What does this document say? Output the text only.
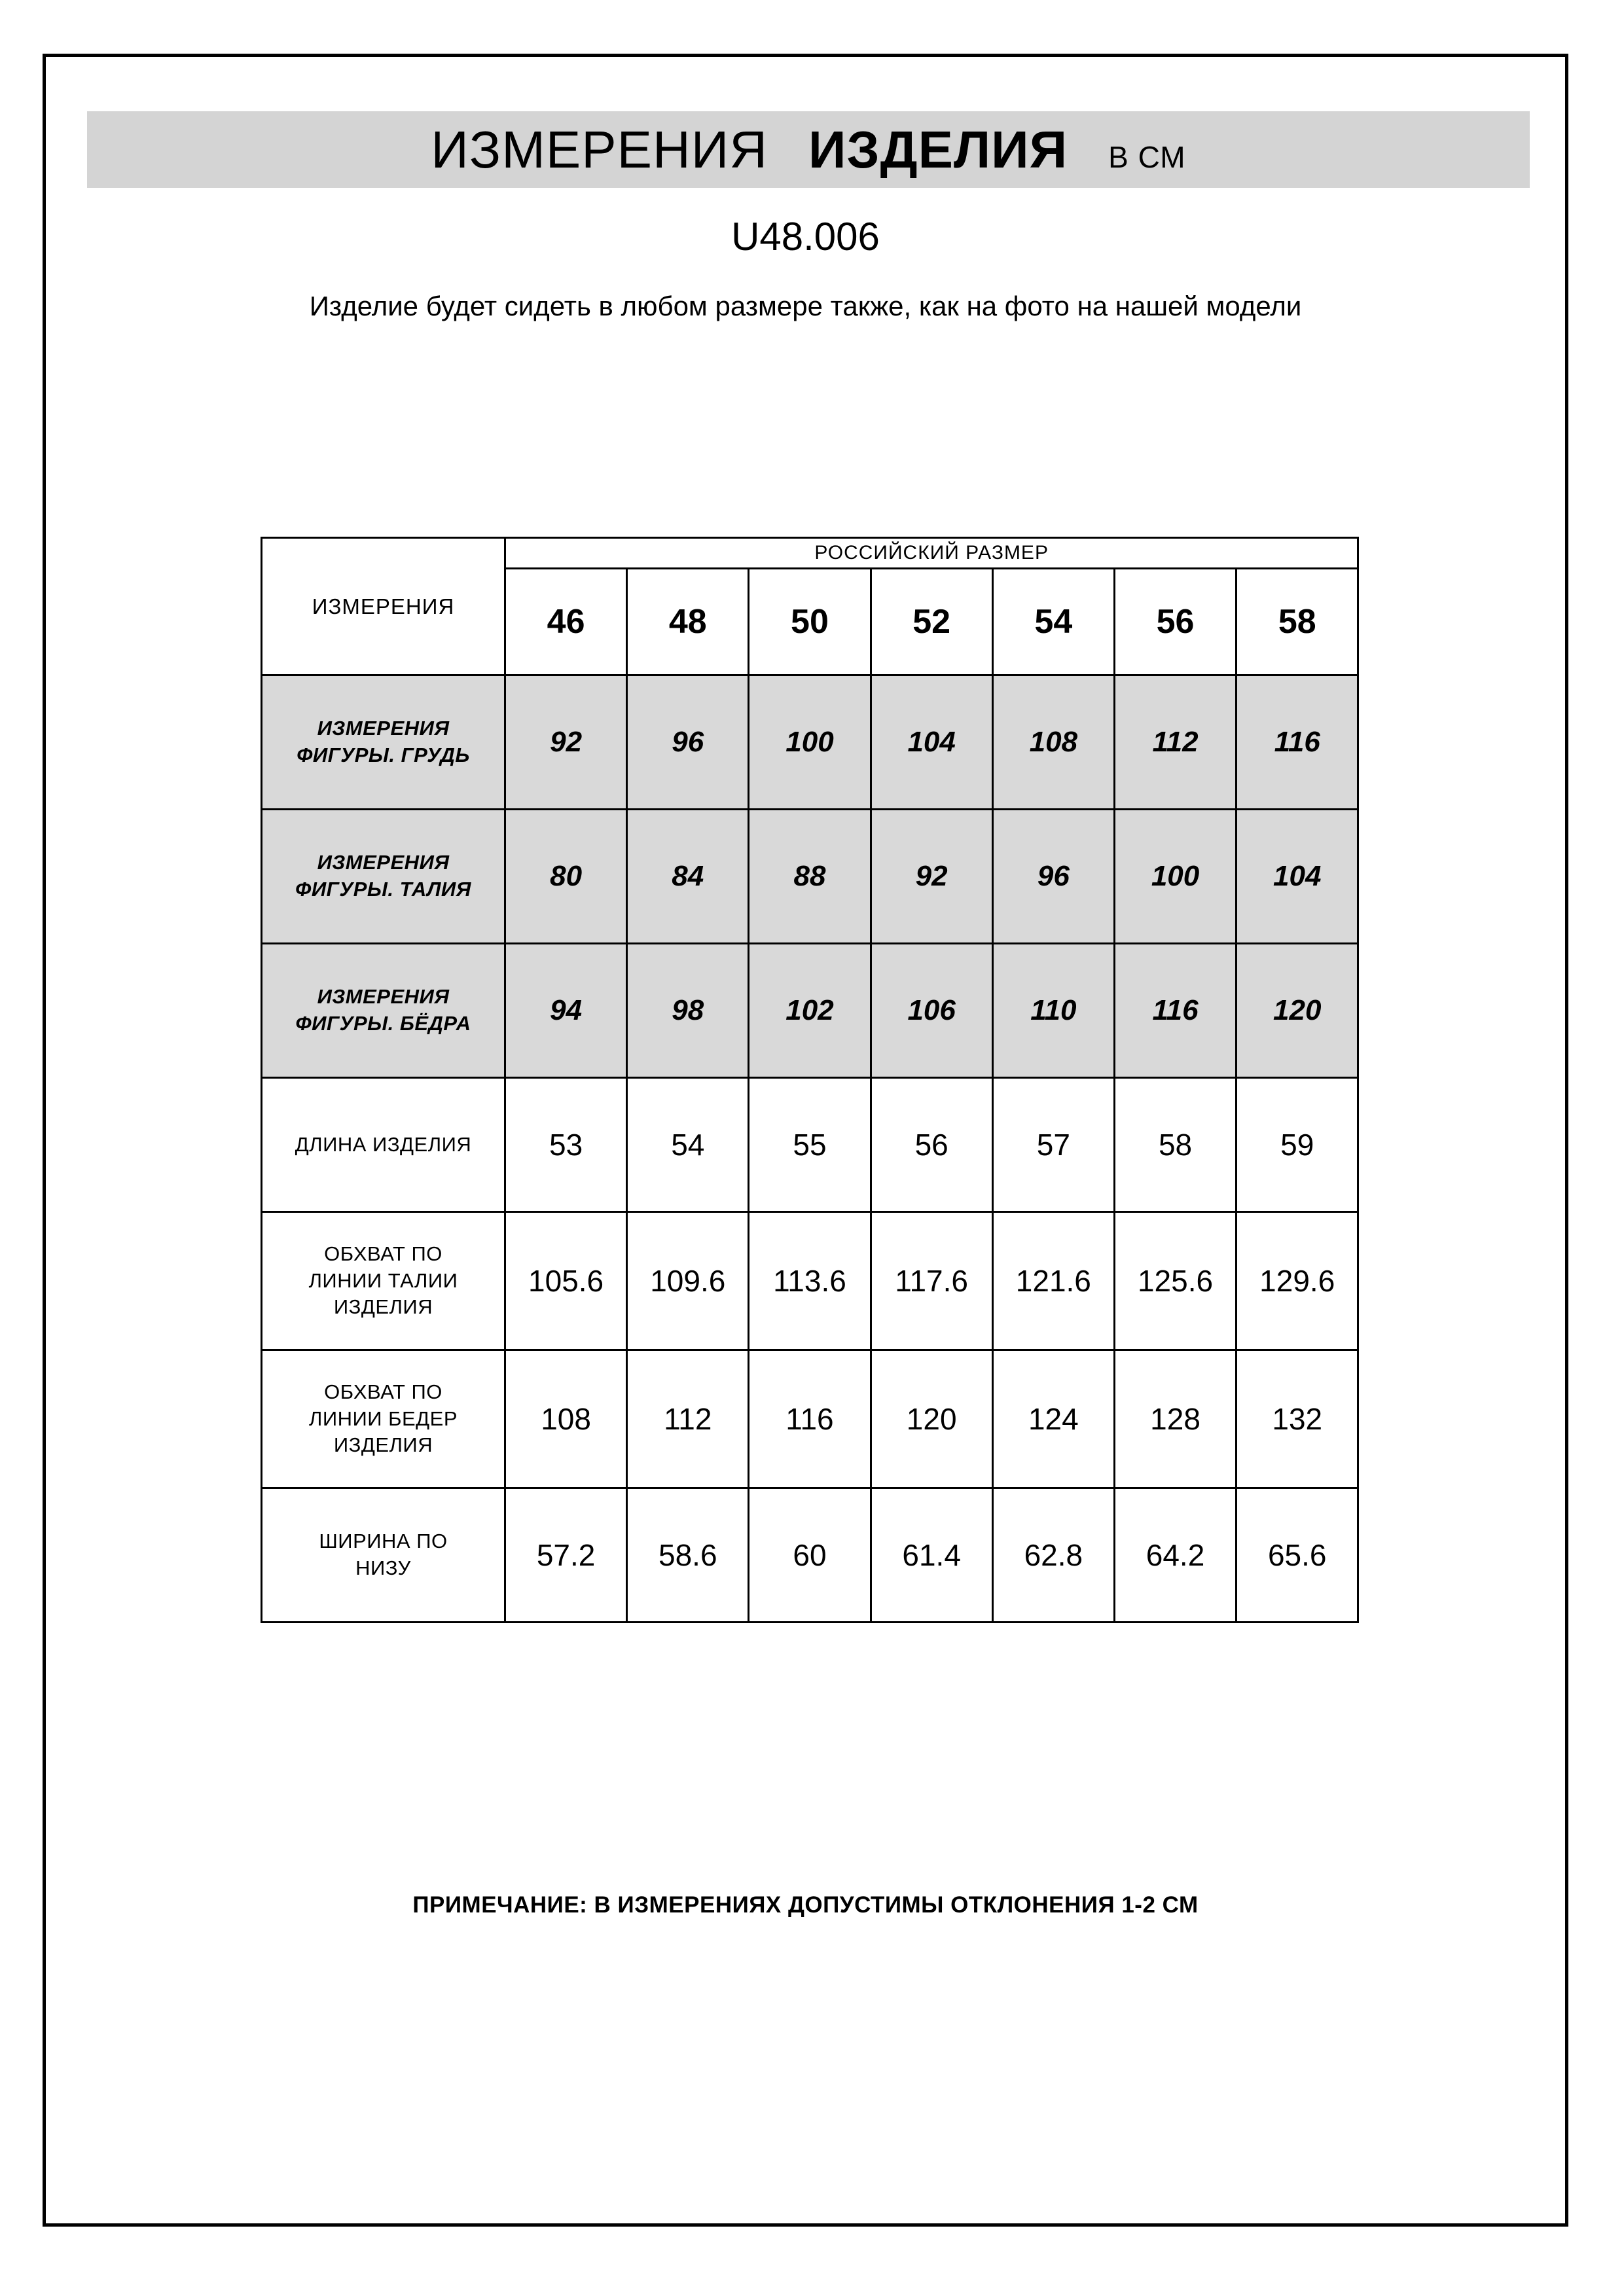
ИЗМЕРЕНИЯ ИЗДЕЛИЯ В СМ
U48.006
Изделие будет сидеть в любом размере также, как на фото на нашей модели
ИЗМЕРЕНИЯ	РОССИЙСКИЙ РАЗМЕР						
	46	48	50	52	54	56	58
ИЗМЕРЕНИЯ
ФИГУРЫ. ГРУДЬ	92	96	100	104	108	112	116
ИЗМЕРЕНИЯ
ФИГУРЫ. ТАЛИЯ	80	84	88	92	96	100	104
ИЗМЕРЕНИЯ
ФИГУРЫ. БЁДРА	94	98	102	106	110	116	120
ДЛИНА ИЗДЕЛИЯ	53	54	55	56	57	58	59
ОБХВАТ ПО
ЛИНИИ ТАЛИИ
ИЗДЕЛИЯ	105.6	109.6	113.6	117.6	121.6	125.6	129.6
ОБХВАТ ПО
ЛИНИИ БЕДЕР
ИЗДЕЛИЯ	108	112	116	120	124	128	132
ШИРИНА ПО
НИЗУ	57.2	58.6	60	61.4	62.8	64.2	65.6
ПРИМЕЧАНИЕ: В ИЗМЕРЕНИЯХ ДОПУСТИМЫ ОТКЛОНЕНИЯ 1-2 СМ
